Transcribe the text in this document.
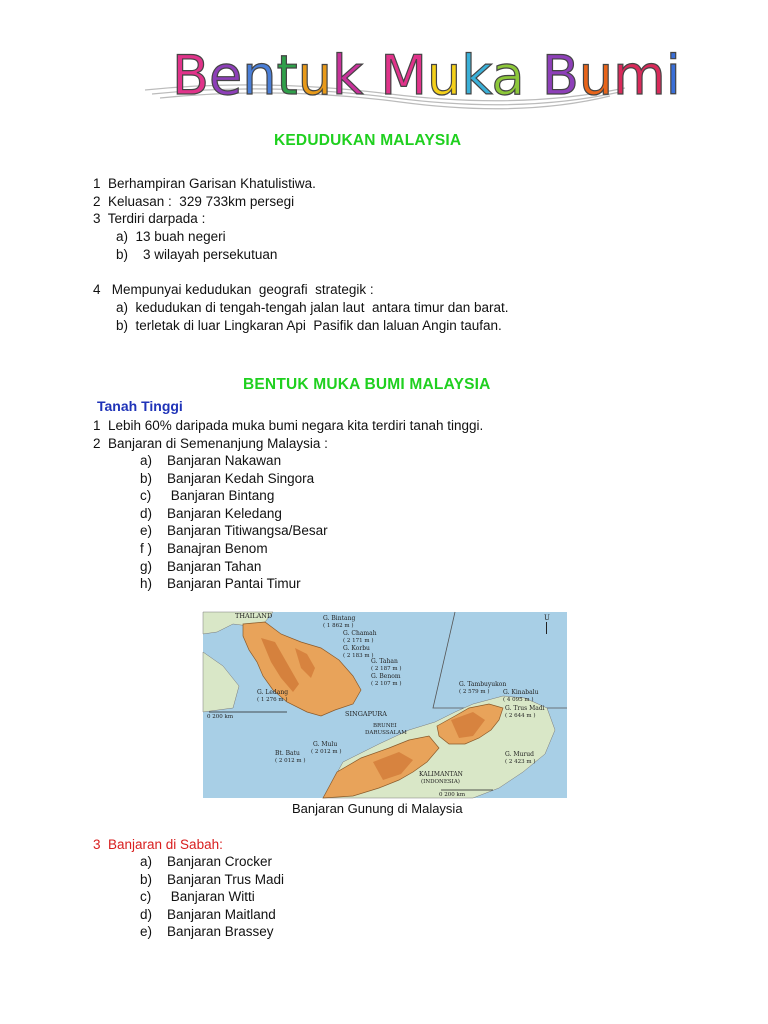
Bentuk Muka Bumi
KEDUDUKAN MALAYSIA
1  Berhampiran Garisan Khatulistiwa.
2  Keluasan :  329 733km persegi
3  Terdiri darpada :
a)  13 buah negeri
b)    3 wilayah persekutuan
4   Mempunyai kedudukan  geografi  strategik :
a)  kedudukan di tengah-tengah jalan laut  antara timur dan barat.
b)  terletak di luar Lingkaran Api  Pasifik dan laluan Angin taufan.
BENTUK MUKA BUMI MALAYSIA
Tanah Tinggi
1  Lebih 60% daripada muka bumi negara kita terdiri tanah tinggi.
2  Banjaran di Semenanjung Malaysia :
a) Banjaran Nakawan
b) Banjaran Kedah Singora
c) Banjaran Bintang
d) Banjaran Keledang
e) Banjaran Titiwangsa/Besar
f ) Banajran Benom
g) Banjaran Tahan
h) Banjaran Pantai Timur
THAILAND	G. Bintang
( 1 862 m )
G. Chamah
( 2 171 m )
G. Korbu
( 2 183 m )
G. Tahan
( 2 187 m )
G. Benom
( 2 107 m )
G. Ledang
( 1 276 m )
SINGAPURA
0 200 km
G. Tambuyukon
( 2 579 m ) G. Kinabalu
( 4 095 m )
G. Trus Madi
( 2 644 m )
BRUNEI
DARUSSALAM
G. Mulu
( 2 012 m )
Bt. Batu
( 2 012 m )
G. Murud
( 2 423 m )
KALIMANTAN
(INDONESIA)
0 200 km
U
Banjaran Gunung di Malaysia
3  Banjaran di Sabah:
a) Banjaran Crocker
b) Banjaran Trus Madi
c) Banjaran Witti
d) Banjaran Maitland
e) Banjaran Brassey
